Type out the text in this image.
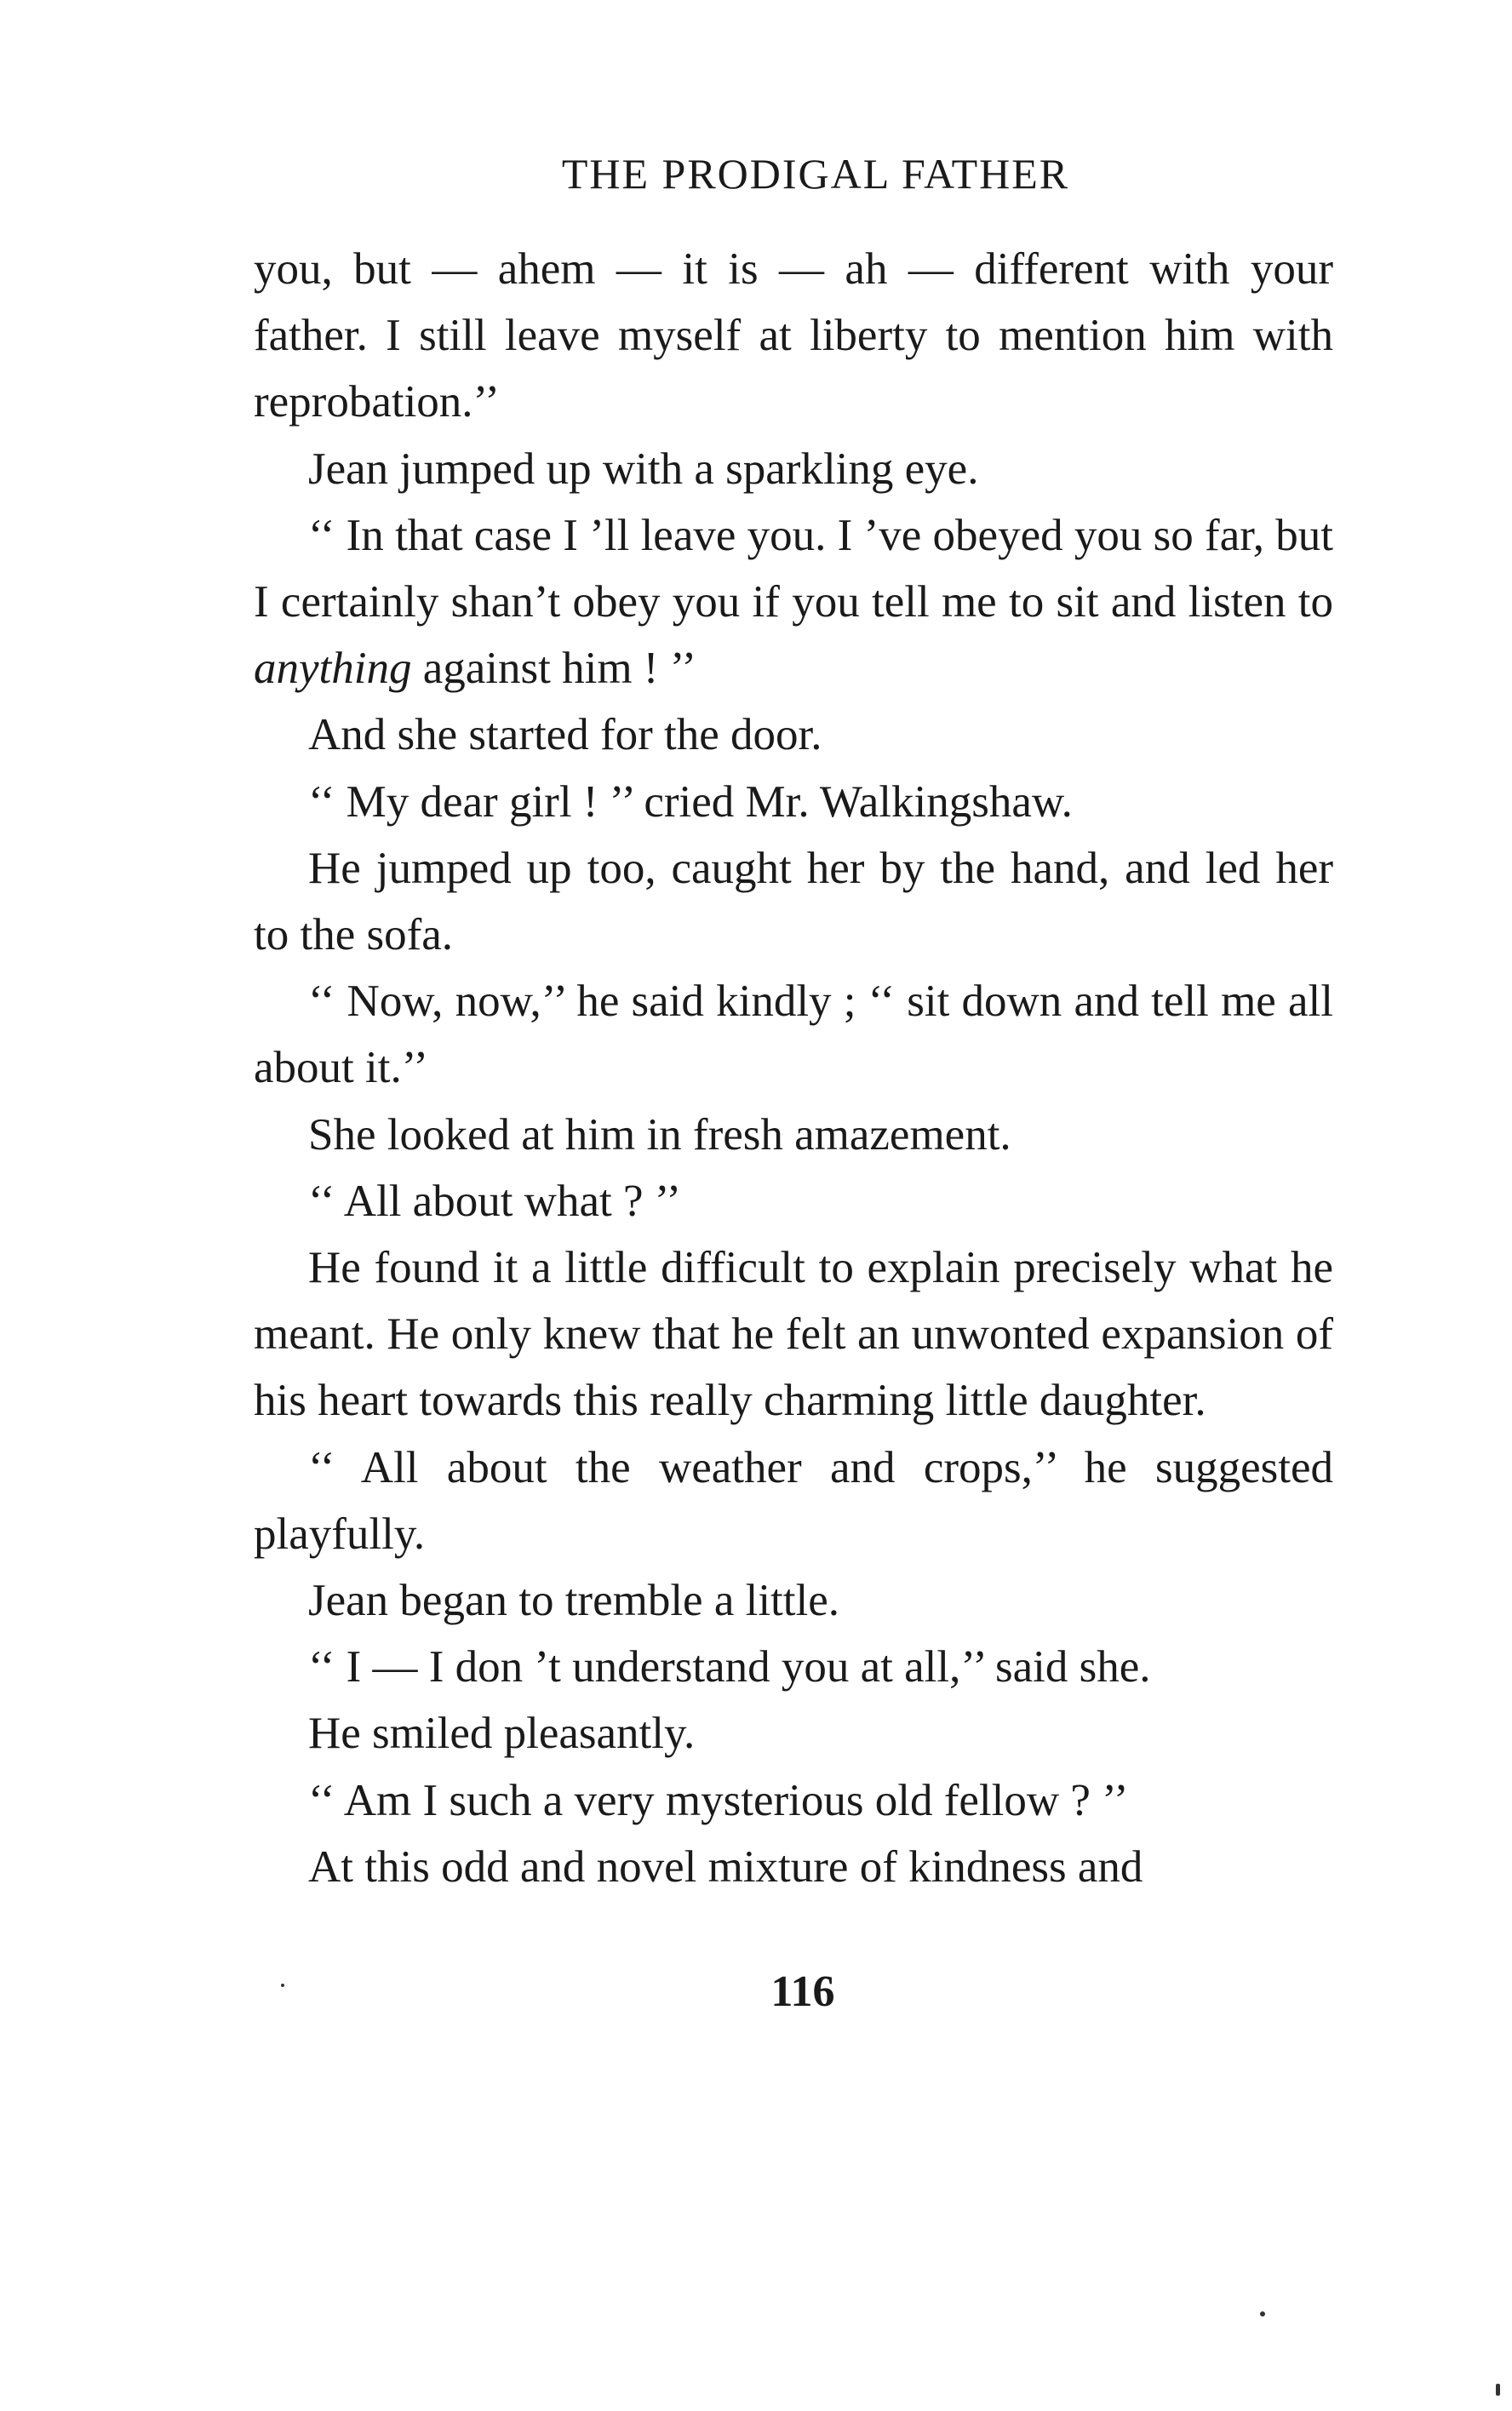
THE PRODIGAL FATHER

you, but — ahem — it is — ah — different with your father. I still leave myself at liberty to mention him with reprobation.’’

Jean jumped up with a sparkling eye.

‘‘ In that case I ’ll leave you. I ’ve obeyed you so far, but I certainly shan’t obey you if you tell me to sit and listen to anything against him ! ’’

And she started for the door.

‘‘ My dear girl ! ’’ cried Mr. Walkingshaw.

He jumped up too, caught her by the hand, and led her to the sofa.

‘‘ Now, now,’’ he said kindly ; ‘‘ sit down and tell me all about it.’’

She looked at him in fresh amazement.

‘‘ All about what ? ’’

He found it a little difficult to explain precisely what he meant. He only knew that he felt an unwonted expansion of his heart towards this really charming little daughter.

‘‘ All about the weather and crops,’’ he suggested playfully.

Jean began to tremble a little.

‘‘ I — I don ’t understand you at all,’’ said she.

He smiled pleasantly.

‘‘ Am I such a very mysterious old fellow ? ’’

At this odd and novel mixture of kindness and

116
